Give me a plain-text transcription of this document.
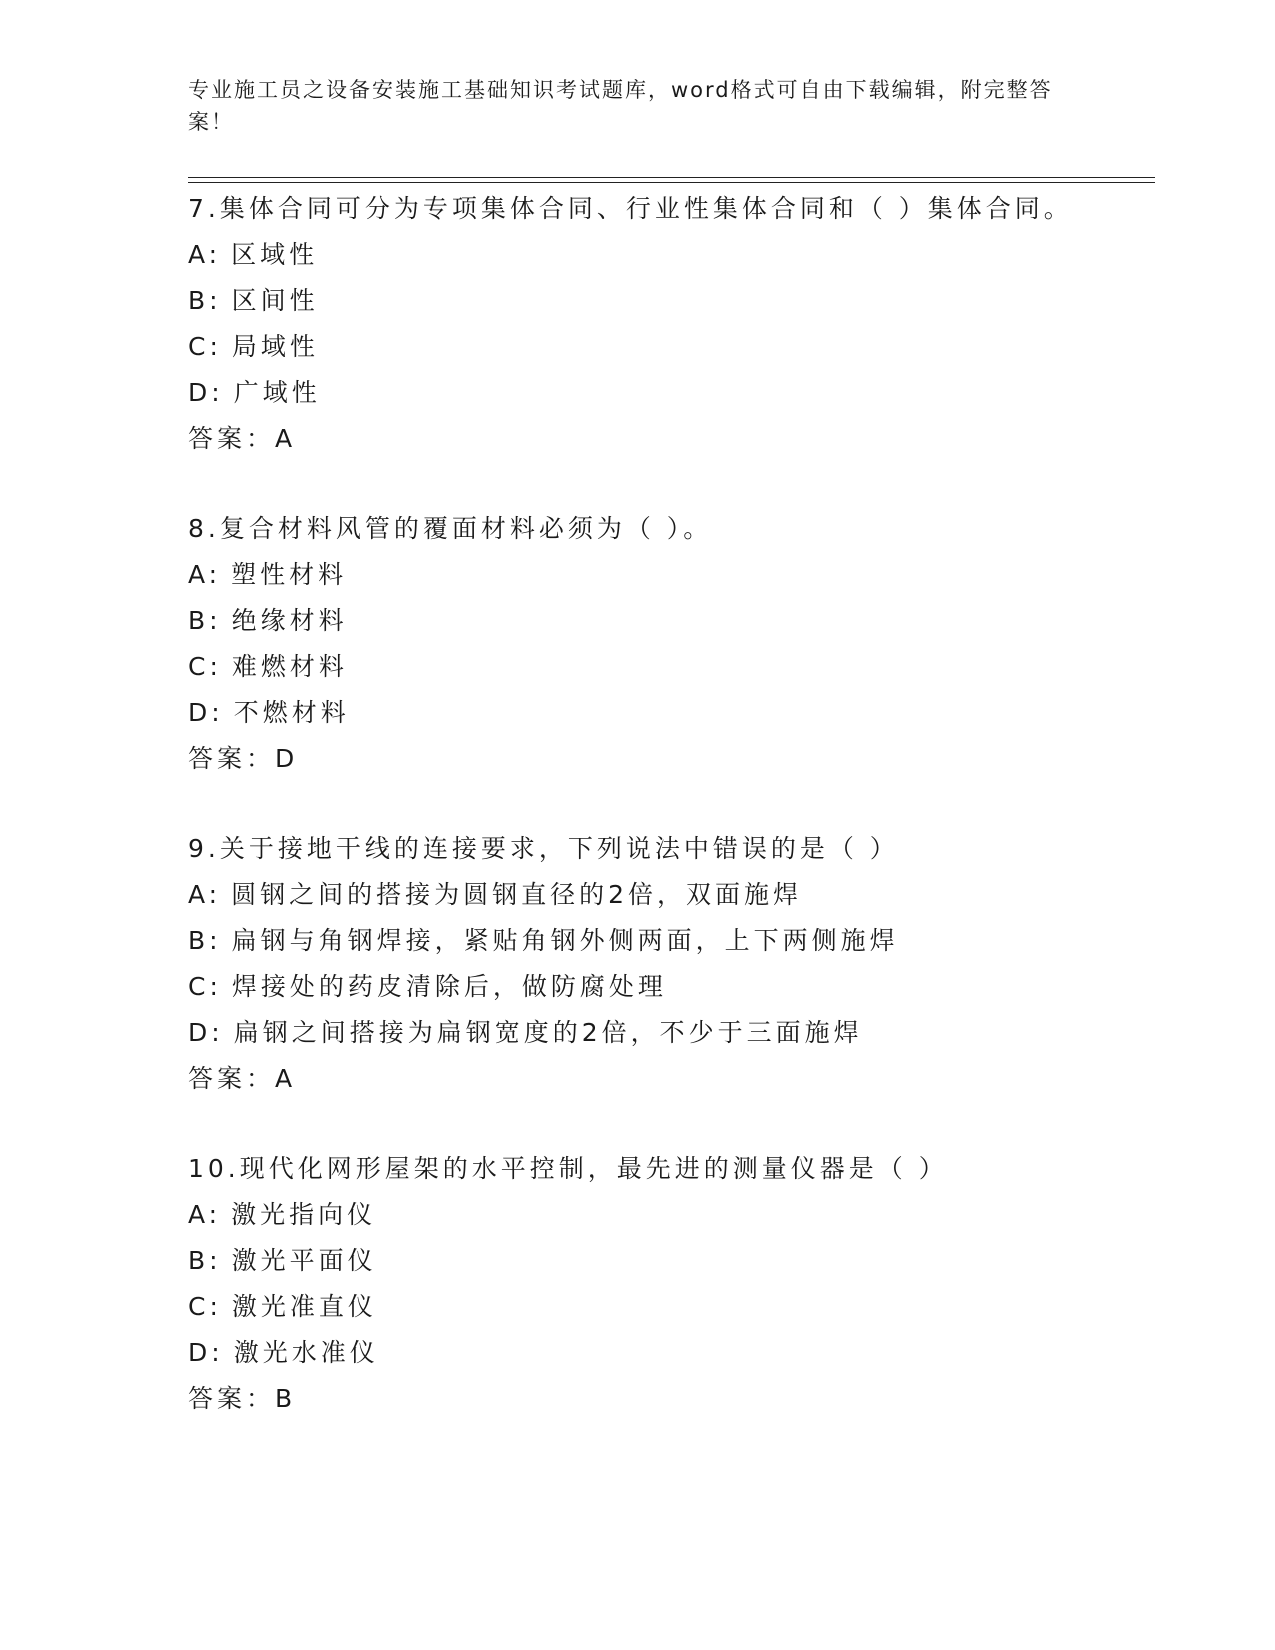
专业施工员之设备安装施工基础知识考试题库，word格式可自由下载编辑，附完整答案！
7.集体合同可分为专项集体合同、行业性集体合同和（ ）集体合同。
A: 区域性
B: 区间性
C: 局域性
D: 广域性
答案：A
8.复合材料风管的覆面材料必须为（ ）。
A: 塑性材料
B: 绝缘材料
C: 难燃材料
D: 不燃材料
答案：D
9.关于接地干线的连接要求，下列说法中错误的是（ ）
A: 圆钢之间的搭接为圆钢直径的2倍，双面施焊
B: 扁钢与角钢焊接，紧贴角钢外侧两面，上下两侧施焊
C: 焊接处的药皮清除后，做防腐处理
D: 扁钢之间搭接为扁钢宽度的2倍，不少于三面施焊
答案：A
10.现代化网形屋架的水平控制，最先进的测量仪器是（ ）
A: 激光指向仪
B: 激光平面仪
C: 激光准直仪
D: 激光水准仪
答案：B
